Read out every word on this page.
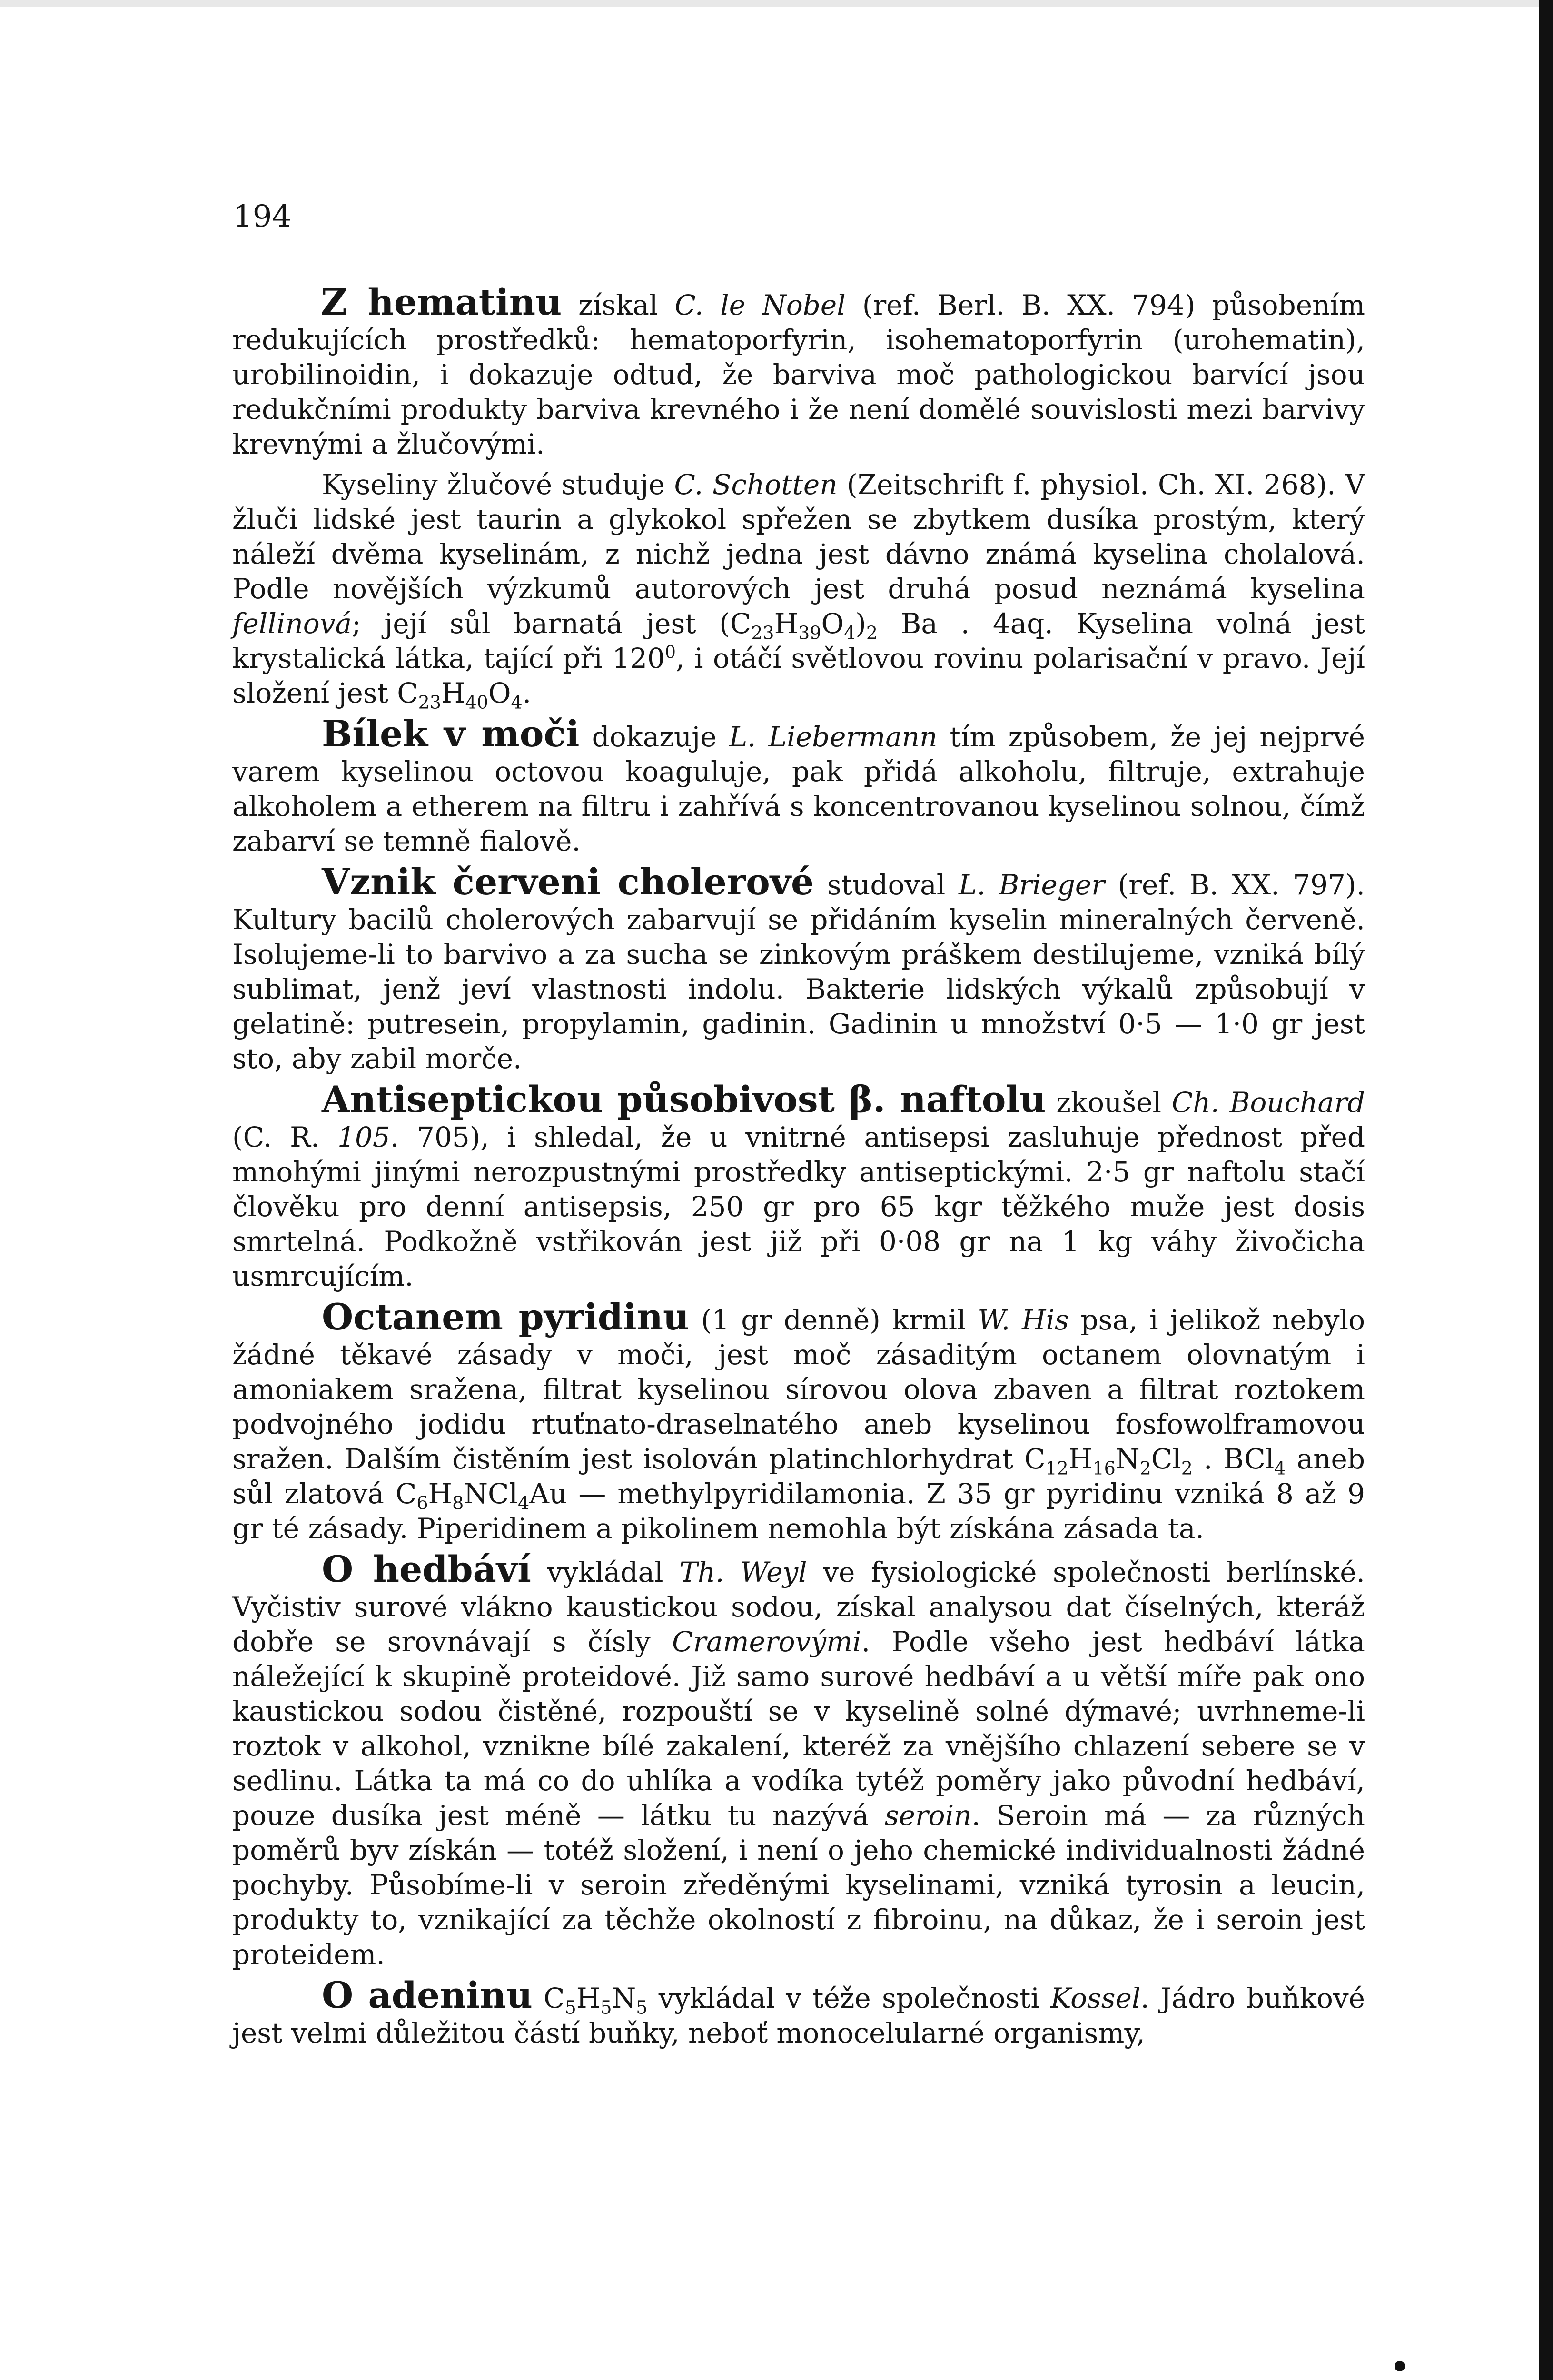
194

Z hematinu získal C. le Nobel (ref. Berl. B. XX. 794) působením redukujících prostředků: hematoporfyrin, isohematoporfyrin (urohematin), urobilinoidin, i dokazuje odtud, že barviva moč pathologickou barvící jsou redukčními produkty barviva krevného i že není domělé souvislosti mezi barvivy krevnými a žlučovými.

Kyseliny žlučové studuje C. Schotten (Zeitschrift f. physiol. Ch. XI. 268). V žluči lidské jest taurin a glykokol spřežen se zbytkem dusíka prostým, který náleží dvěma kyselinám, z nichž jedna jest dávno známá kyselina cholalová. Podle novějších výzkumů autorových jest druhá posud neznámá kyselina fellinová; její sůl barnatá jest $(C_{23}H_{39}O_4)_2$ Ba . 4aq. Kyselina volná jest krystalická látka, tající při $120^0$, i otáčí světlovou rovinu polarisační v pravo. Její složení jest $C_{23}H_{40}O_4$.

Bílek v moči dokazuje L. Liebermann tím způsobem, že jej nejprvé varem kyselinou octovou koaguluje, pak přidá alkoholu, filtruje, extrahuje alkoholem a etherem na filtru i zahřívá s koncentrovanou kyselinou solnou, čímž zabarví se temně fialově.

Vznik červeni cholerové studoval L. Brieger (ref. B. XX. 797). Kultury bacilů cholerových zabarvují se přidáním kyselin mineralných červeně. Isolujeme-li to barvivo a za sucha se zinkovým práškem destilujeme, vzniká bílý sublimat, jenž jeví vlastnosti indolu. Bakterie lidských výkalů způsobují v gelatině: putresein, propylamin, gadinin. Gadinin u množství 0·5 — 1·0 gr jest sto, aby zabil morče.

Antiseptickou působivost β. naftolu zkoušel Ch. Bouchard (C. R. 105. 705), i shledal, že u vnitrné antisepsi zasluhuje přednost před mnohými jinými nerozpustnými prostředky antiseptickými. 2·5 gr naftolu stačí člověku pro denní antisepsis, 250 gr pro 65 kgr těžkého muže jest dosis smrtelná. Podkožně vstřikován jest již při 0·08 gr na 1 kg váhy živočicha usmrcujícím.

Octanem pyridinu (1 gr denně) krmil W. His psa, i jelikož nebylo žádné těkavé zásady v moči, jest moč zásaditým octanem olovnatým i amoniakem sražena, filtrat kyselinou sírovou olova zbaven a filtrat roztokem podvojného jodidu rtuťnato-draselnatého aneb kyselinou fosfowolframovou sražen. Dalším čistěním jest isolován platinchlorhydrat $C_{12}H_{16}N_2Cl_2$ . BCl$_4$ aneb sůl zlatová $C_6H_8NCl_4Au$ — methylpyridilamonia. Z 35 gr pyridinu vzniká 8 až 9 gr té zásady. Piperidinem a pikolinem nemohla být získána zásada ta.

O hedbáví vykládal Th. Weyl ve fysiologické společnosti berlínské. Vyčistiv surové vlákno kaustickou sodou, získal analysou dat číselných, kteráž dobře se srovnávají s čísly Cramerovými. Podle všeho jest hedbáví látka náležející k skupině proteidové. Již samo surové hedbáví a u větší míře pak ono kaustickou sodou čistěné, rozpouští se v kyselině solné dýmavé; uvrhneme-li roztok v alkohol, vznikne bílé zakalení, kteréž za vnějšího chlazení sebere se v sedlinu. Látka ta má co do uhlíka a vodíka tytéž poměry jako původní hedbáví, pouze dusíka jest méně — látku tu nazývá seroin. Seroin má — za různých poměrů byv získán — totéž složení, i není o jeho chemické individualnosti žádné pochyby. Působíme-li v seroin zředěnými kyselinami, vzniká tyrosin a leucin, produkty to, vznikající za těchže okolností z fibroinu, na důkaz, že i seroin jest proteidem.

O adeninu $C_5H_5N_5$ vykládal v téže společnosti Kossel. Jádro buňkové jest velmi důležitou částí buňky, neboť monocelularné organismy,
